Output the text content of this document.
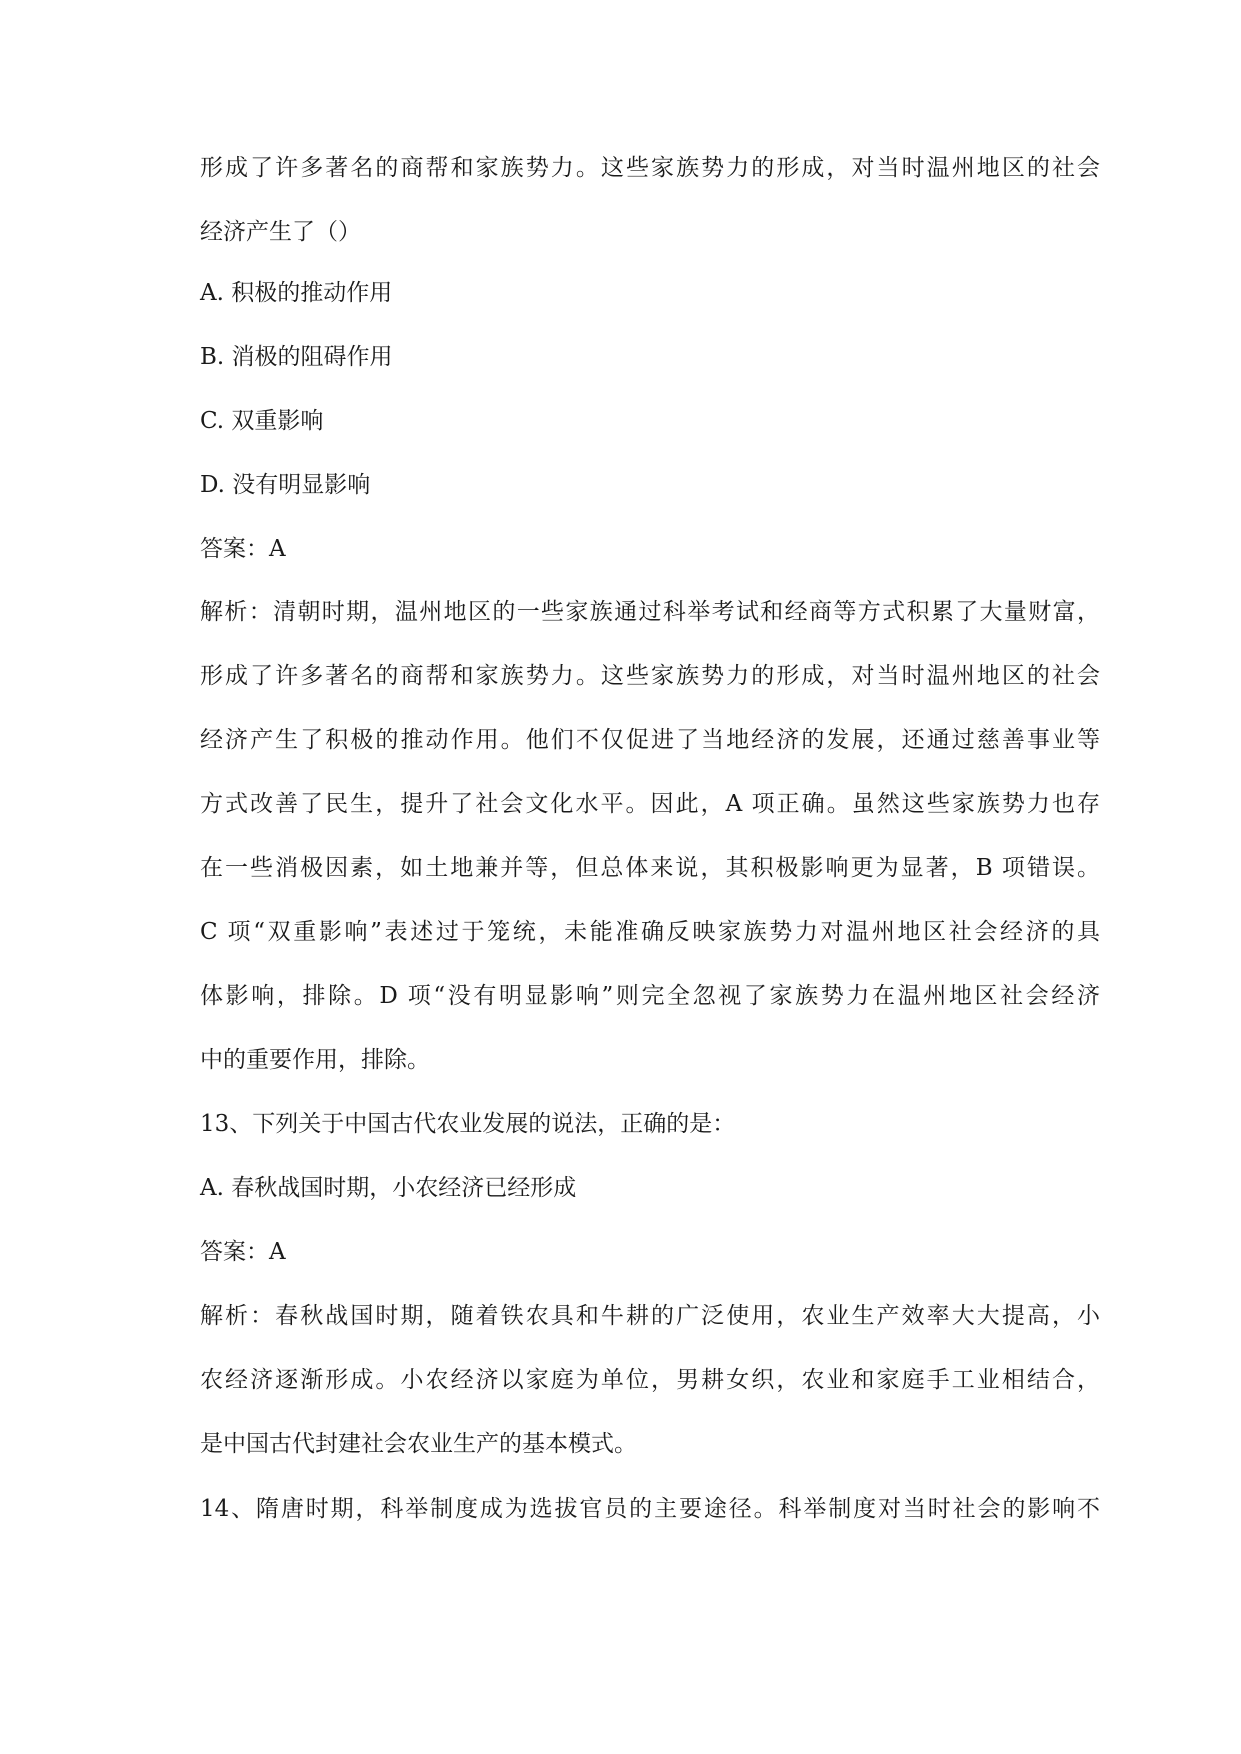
形成了许多著名的商帮和家族势力。这些家族势力的形成，对当时温州地区的社会
经济产生了（）
A. 积极的推动作用
B. 消极的阻碍作用
C. 双重影响
D. 没有明显影响
答案：A
解析：清朝时期，温州地区的一些家族通过科举考试和经商等方式积累了大量财富，
形成了许多著名的商帮和家族势力。这些家族势力的形成，对当时温州地区的社会
经济产生了积极的推动作用。他们不仅促进了当地经济的发展，还通过慈善事业等
方式改善了民生，提升了社会文化水平。因此，A 项正确。虽然这些家族势力也存
在一些消极因素，如土地兼并等，但总体来说，其积极影响更为显著，B 项错误。
C 项“双重影响”表述过于笼统，未能准确反映家族势力对温州地区社会经济的具
体影响，排除。D 项“没有明显影响”则完全忽视了家族势力在温州地区社会经济
中的重要作用，排除。
13、下列关于中国古代农业发展的说法，正确的是：
A. 春秋战国时期，小农经济已经形成
答案：A
解析：春秋战国时期，随着铁农具和牛耕的广泛使用，农业生产效率大大提高，小
农经济逐渐形成。小农经济以家庭为单位，男耕女织，农业和家庭手工业相结合，
是中国古代封建社会农业生产的基本模式。
14、隋唐时期，科举制度成为选拔官员的主要途径。科举制度对当时社会的影响不
